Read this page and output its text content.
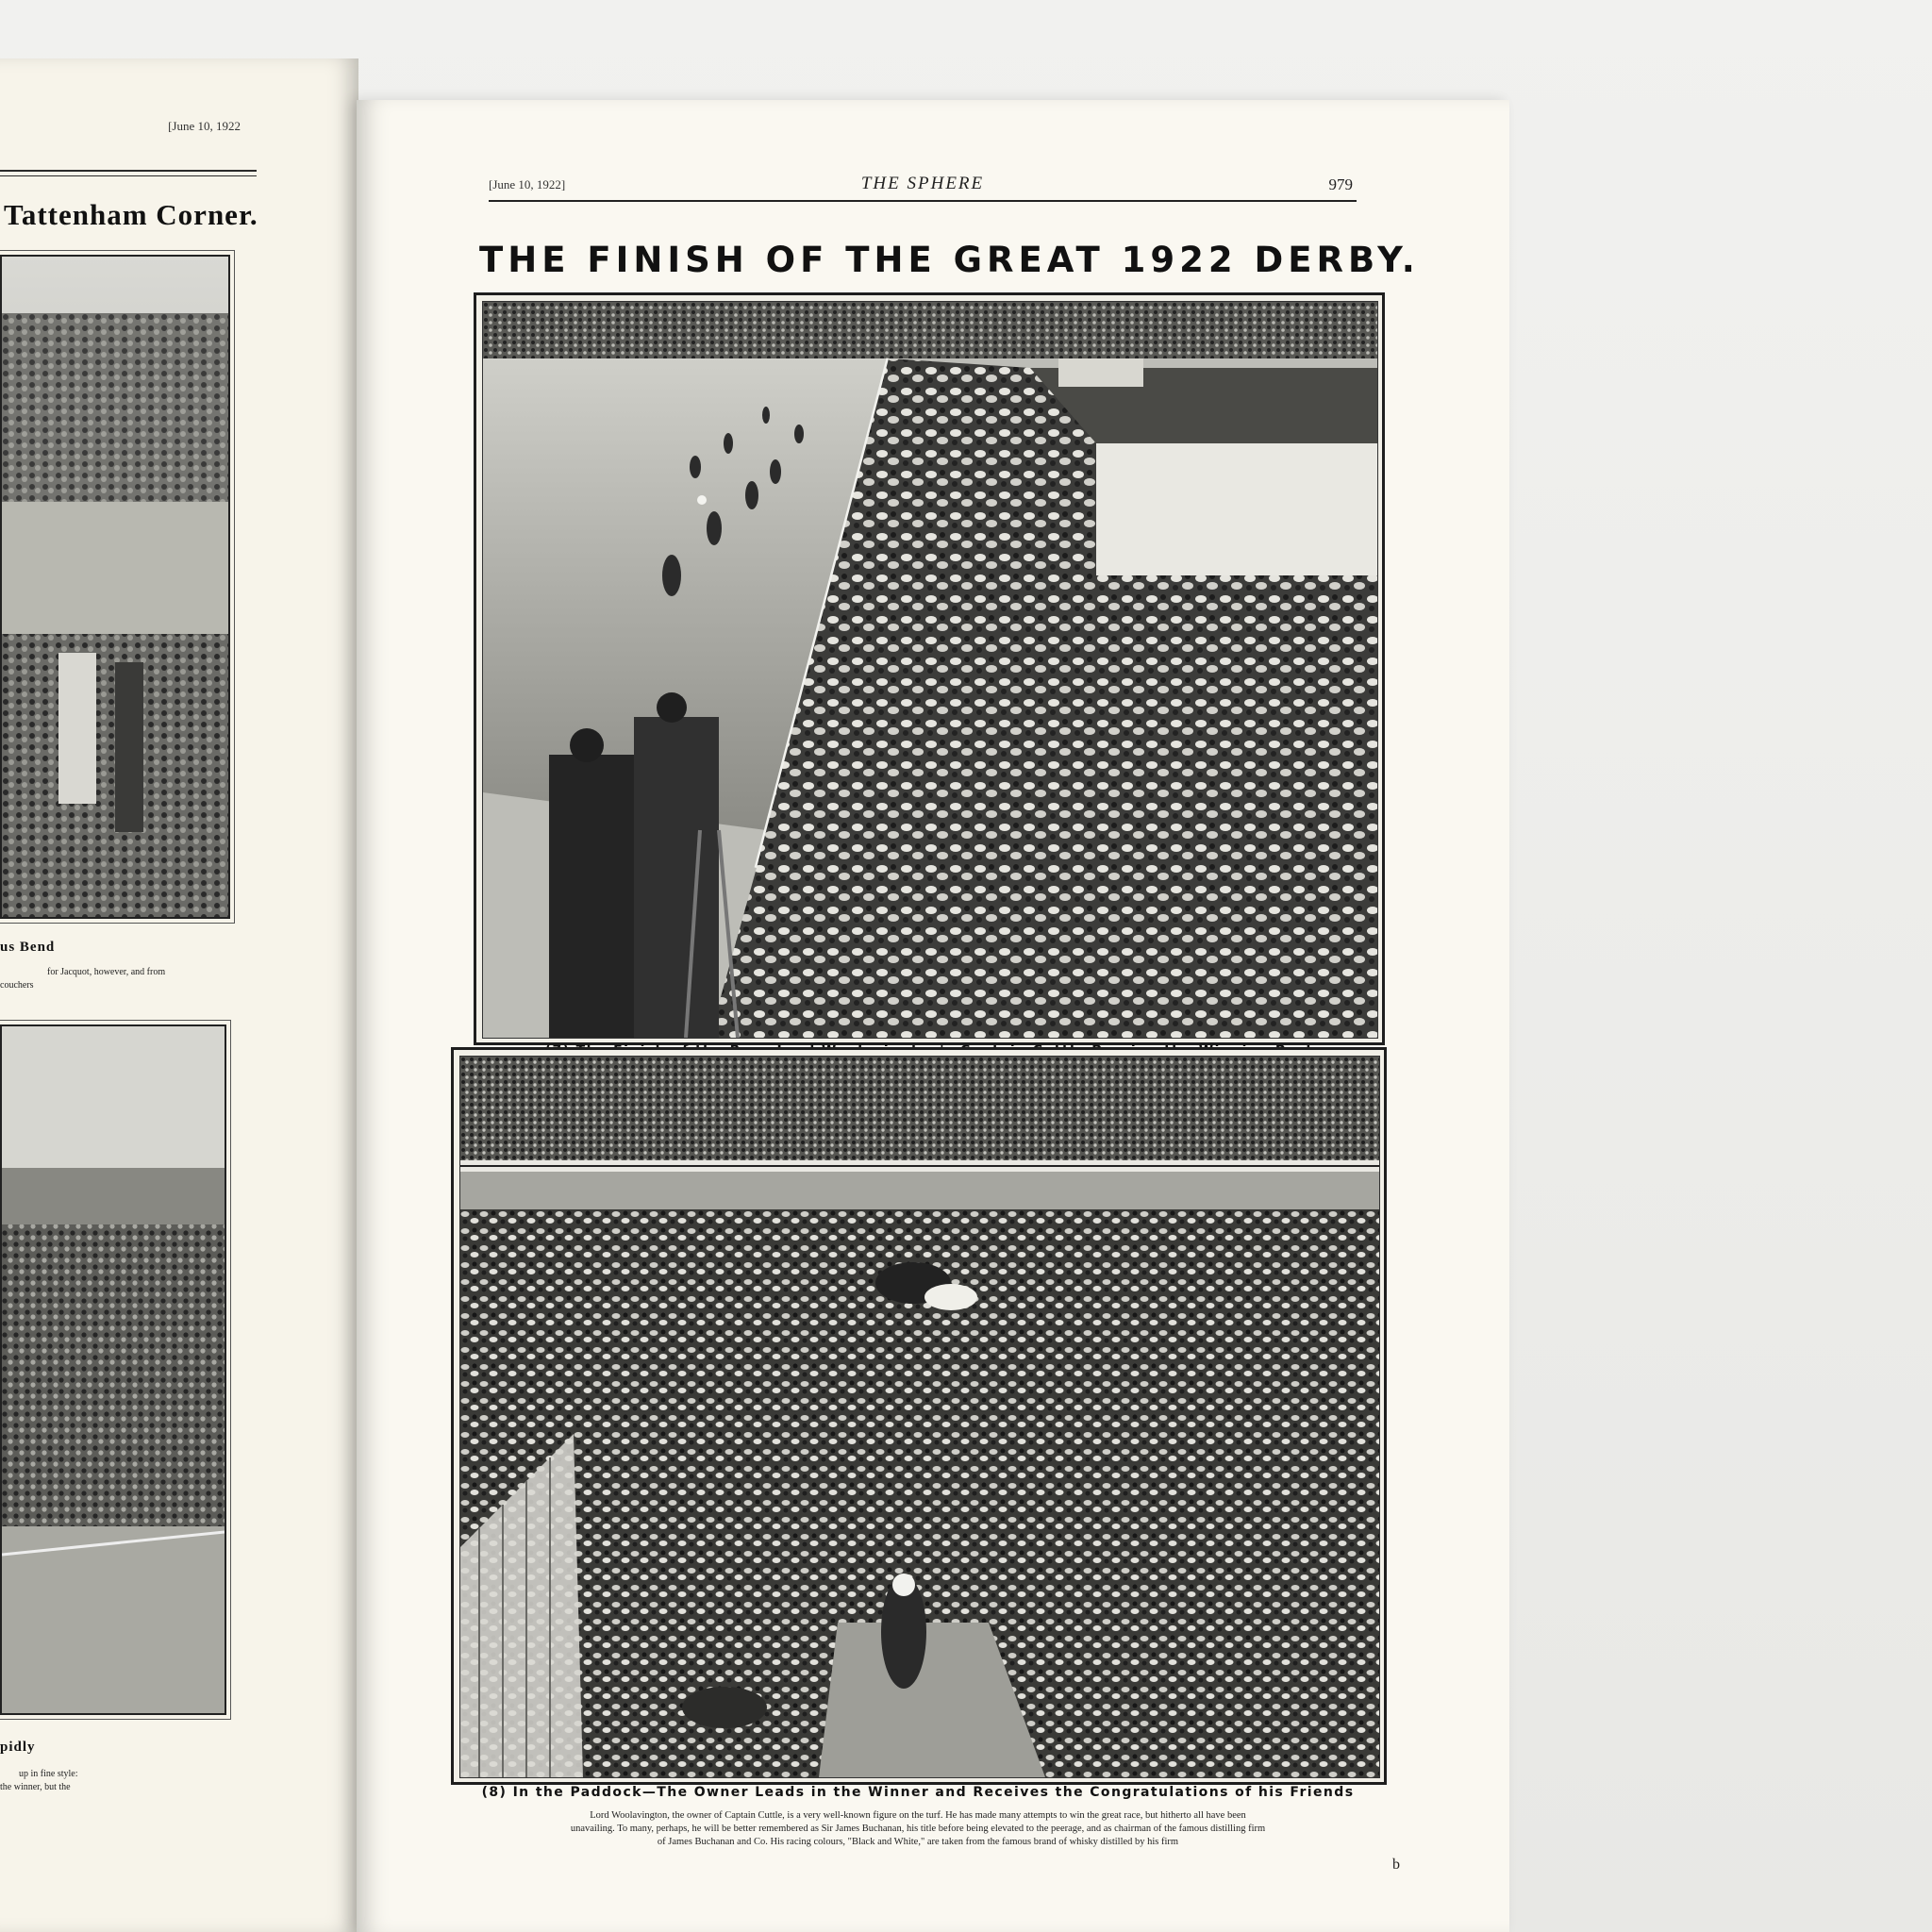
[June 10, 1922
Tattenham Corner.
us Bend
for Jacquot, however, and from
couchers
pidly
up in fine style:
the winner, but the
[June 10, 1922]	THE SPHERE	979
THE FINISH OF THE GREAT 1922 DERBY.
(8) In the Paddock—The Owner Leads in the Winner and Receives the Congratulations of his Friends
Lord Woolavington, the owner of Captain Cuttle, is a very well-known figure on the turf. He has made many attempts to win the great race, but hitherto all have been
unavailing. To many, perhaps, he will be better remembered as Sir James Buchanan, his title before being elevated to the peerage, and as chairman of the famous distilling firm
of James Buchanan and Co. His racing colours, "Black and White," are taken from the famous brand of whisky distilled by his firm
b
